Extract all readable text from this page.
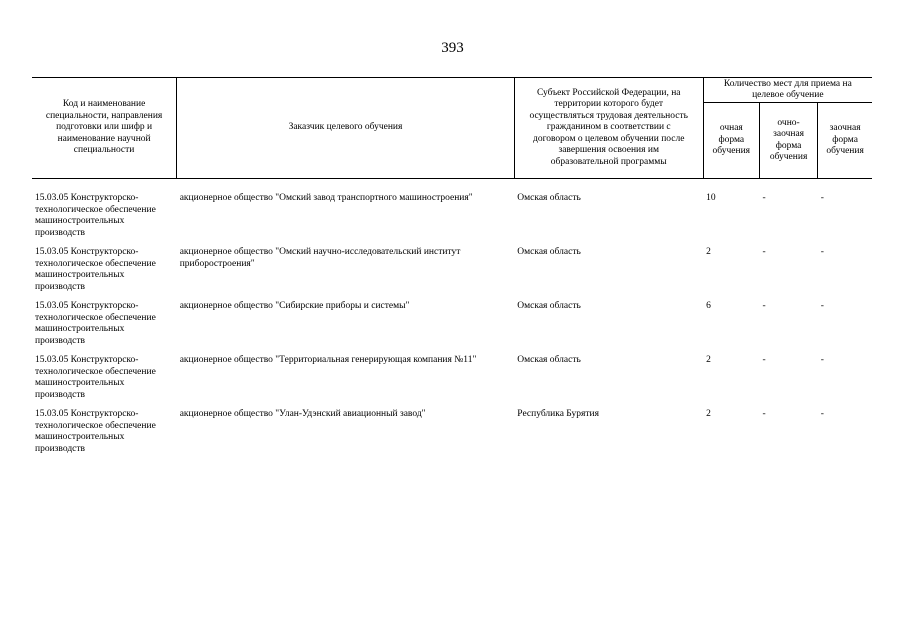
393
Код и наименование специальности, направления подготовки или шифр и наименование научной специальности	Заказчик целевого обучения	Субъект Российской Федерации, на территории которого будет осуществляться трудовая деятельность гражданином в соответствии с договором о целевом обучении после завершения освоения им образовательной программы	Количество мест для приема на целевое обучение		
			очная форма обучения	очно-заочная форма обучения	заочная форма обучения
15.03.05 Конструкторско-технологическое обеспечение машиностроительных производств	акционерное общество "Омский завод транспортного машиностроения"	Омская область	10	-	-
15.03.05 Конструкторско-технологическое обеспечение машиностроительных производств	акционерное общество "Омский научно-исследовательский институт приборостроения"	Омская область	2	-	-
15.03.05 Конструкторско-технологическое обеспечение машиностроительных производств	акционерное общество "Сибирские приборы и системы"	Омская область	6	-	-
15.03.05 Конструкторско-технологическое обеспечение машиностроительных производств	акционерное общество "Территориальная генерирующая компания №11"	Омская область	2	-	-
15.03.05 Конструкторско-технологическое обеспечение машиностроительных производств	акционерное общество "Улан-Удэнский авиационный завод"	Республика Бурятия	2	-	-
